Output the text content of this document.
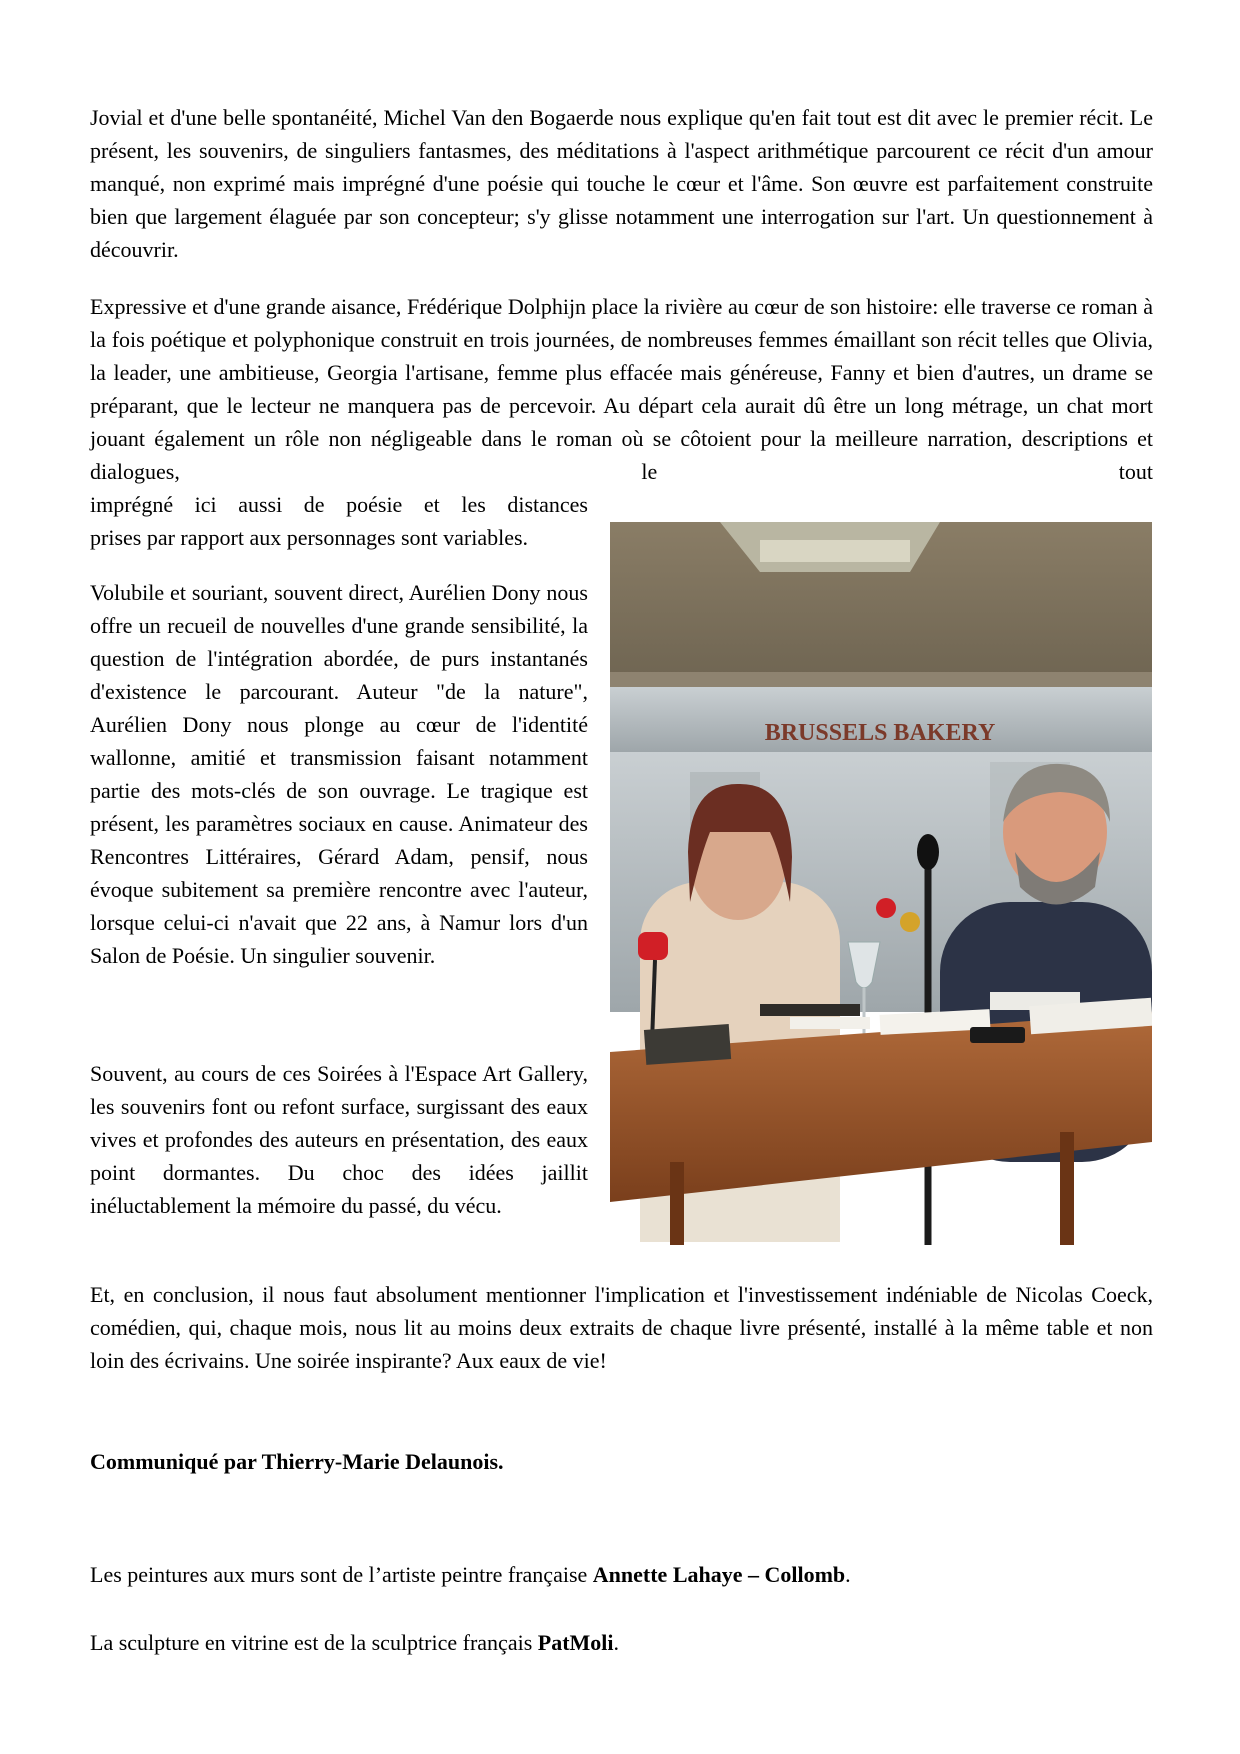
Jovial et d'une belle spontanéité, Michel Van den Bogaerde nous explique qu'en fait tout est dit avec le premier récit. Le présent, les souvenirs, de singuliers fantasmes, des méditations à l'aspect arithmétique parcourent ce récit d'un amour manqué, non exprimé mais imprégné d'une poésie qui touche le cœur et l'âme. Son œuvre est parfaitement construite bien que largement élaguée par son concepteur; s'y glisse notamment une interrogation sur l'art. Un questionnement à découvrir.

Expressive et d'une grande aisance, Frédérique Dolphijn place la rivière au cœur de son histoire: elle traverse ce roman à la fois poétique et polyphonique construit en trois journées, de nombreuses femmes émaillant son récit telles que Olivia, la leader, une ambitieuse, Georgia l'artisane, femme plus effacée mais généreuse, Fanny et bien d'autres, un drame se préparant, que le lecteur ne manquera pas de percevoir. Au départ cela aurait dû être un long métrage, un chat mort jouant également un rôle non négligeable dans le roman où se côtoient pour la meilleure narration, descriptions et dialogues, le tout
imprégné ici aussi de poésie et les distances
prises par rapport aux personnages sont variables.

BRUSSELS BAKERY

Volubile et souriant, souvent direct, Aurélien Dony nous offre un recueil de nouvelles d'une grande sensibilité, la question de l'intégration abordée, de purs instantanés d'existence le parcourant. Auteur "de la nature", Aurélien Dony nous plonge au cœur de l'identité wallonne, amitié et transmission faisant notamment partie des mots-clés de son ouvrage. Le tragique est présent, les paramètres sociaux en cause. Animateur des Rencontres Littéraires, Gérard Adam, pensif, nous évoque subitement sa première rencontre avec l'auteur, lorsque celui-ci n'avait que 22 ans, à Namur lors d'un Salon de Poésie. Un singulier souvenir.

Souvent, au cours de ces Soirées à l'Espace Art Gallery, les souvenirs font ou refont surface, surgissant des eaux vives et profondes des auteurs en présentation, des eaux point dormantes. Du choc des idées jaillit inéluctablement la mémoire du passé, du vécu.

Et, en conclusion, il nous faut absolument mentionner l'implication et l'investissement indéniable de Nicolas Coeck, comédien, qui, chaque mois, nous lit au moins deux extraits de chaque livre présenté, installé à la même table et non loin des écrivains. Une soirée inspirante? Aux eaux de vie!

Communiqué par Thierry-Marie Delaunois.

Les peintures aux murs sont de l’artiste peintre française Annette Lahaye – Collomb.

La sculpture en vitrine est de la sculptrice français PatMoli.
